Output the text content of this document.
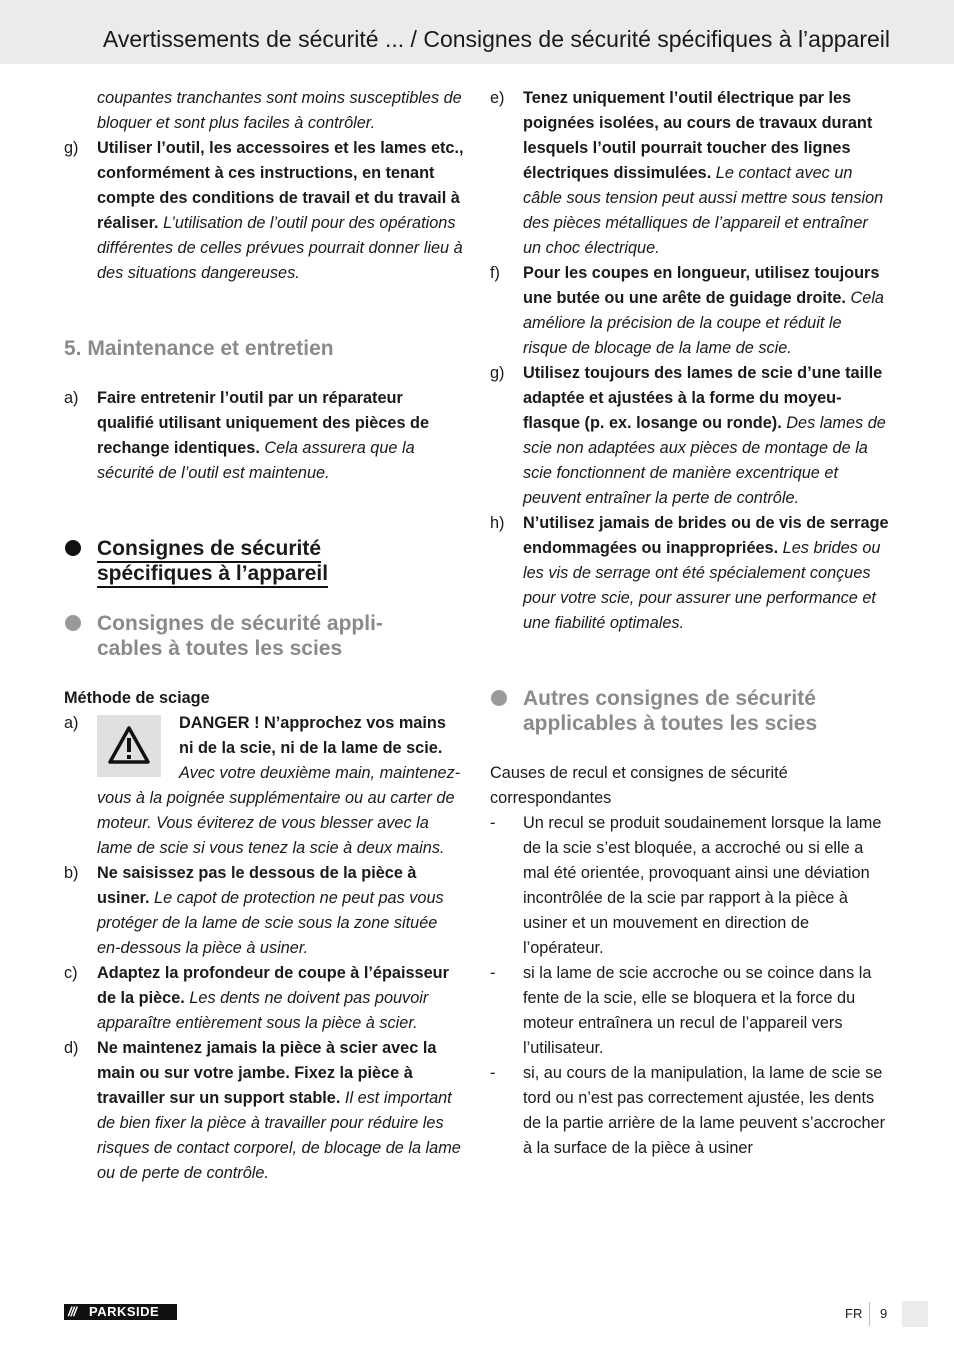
Avertissements de sécurité ... / Consignes de sécurité spécifiques à l’appareil
coupantes tranchantes sont moins susceptibles de bloquer et sont plus faciles à contrôler.
g) Utiliser l’outil, les accessoires et les lames etc., conformément à ces instructions, en tenant compte des conditions de travail et du travail à réaliser. L’utilisation de l’outil pour des opérations différentes de celles prévues pourrait donner lieu à des situations dangereuses.
5. Maintenance et entretien
a) Faire entretenir l’outil par un réparateur qualifié utilisant uniquement des pièces de rechange identiques. Cela assurera que la sécurité de l’outil est maintenue.
Consignes de sécurité
spécifiques à l’appareil
Consignes de sécurité appli-
cables à toutes les scies
Méthode de sciage
a)	DANGER ! N’approchez vos mains ni de la scie, ni de la lame de scie. Avec votre deuxième main, maintenez-vous à la poignée supplémentaire ou au carter de moteur. Vous éviterez de vous blesser avec la lame de scie si vous tenez la scie à deux mains.
b) Ne saisissez pas le dessous de la pièce à usiner. Le capot de protection ne peut pas vous protéger de la lame de scie sous la zone située en-dessous la pièce à usiner.
c) Adaptez la profondeur de coupe à l’épaisseur de la pièce. Les dents ne doivent pas pouvoir apparaître entièrement sous la pièce à scier.
d) Ne maintenez jamais la pièce à scier avec la main ou sur votre jambe. Fixez la pièce à travailler sur un support stable. Il est important de bien fixer la pièce à travailler pour réduire les risques de contact corporel, de blocage de la lame ou de perte de contrôle.
e) Tenez uniquement l’outil électrique par les poignées isolées, au cours de travaux durant lesquels l’outil pourrait toucher des lignes électriques dissimulées. Le contact avec un câble sous tension peut aussi mettre sous tension des pièces métalliques de l’appareil et entraîner un choc électrique.
f) Pour les coupes en longueur, utilisez toujours une butée ou une arête de guidage droite. Cela améliore la précision de la coupe et réduit le risque de blocage de la lame de scie.
g) Utilisez toujours des lames de scie d’une taille adaptée et ajustées à la forme du moyeu-flasque (p. ex. losange ou ronde). Des lames de scie non adaptées aux pièces de montage de la scie fonctionnent de manière excentrique et peuvent entraîner la perte de contrôle.
h) N’utilisez jamais de brides ou de vis de serrage endommagées ou inappropriées. Les brides ou les vis de serrage ont été spécialement conçues pour votre scie, pour assurer une performance et une fiabilité optimales.
Autres consignes de sécurité
applicables à toutes les scies
Causes de recul et consignes de sécurité correspondantes
- Un recul se produit soudainement lorsque la lame de la scie s’est bloquée, a accroché ou si elle a mal été orientée, provoquant ainsi une déviation incontrôlée de la scie par rapport à la pièce à usiner et un mouvement en direction de l’opérateur.
- si la lame de scie accroche ou se coince dans la fente de la scie, elle se bloquera et la force du moteur entraînera un recul de l’appareil vers l’utilisateur.
- si, au cours de la manipulation, la lame de scie se tord ou n’est pas correctement ajustée, les dents de la partie arrière de la lame peuvent s’accrocher à la surface de la pièce à usiner
/// PARKSIDE	FR 9
